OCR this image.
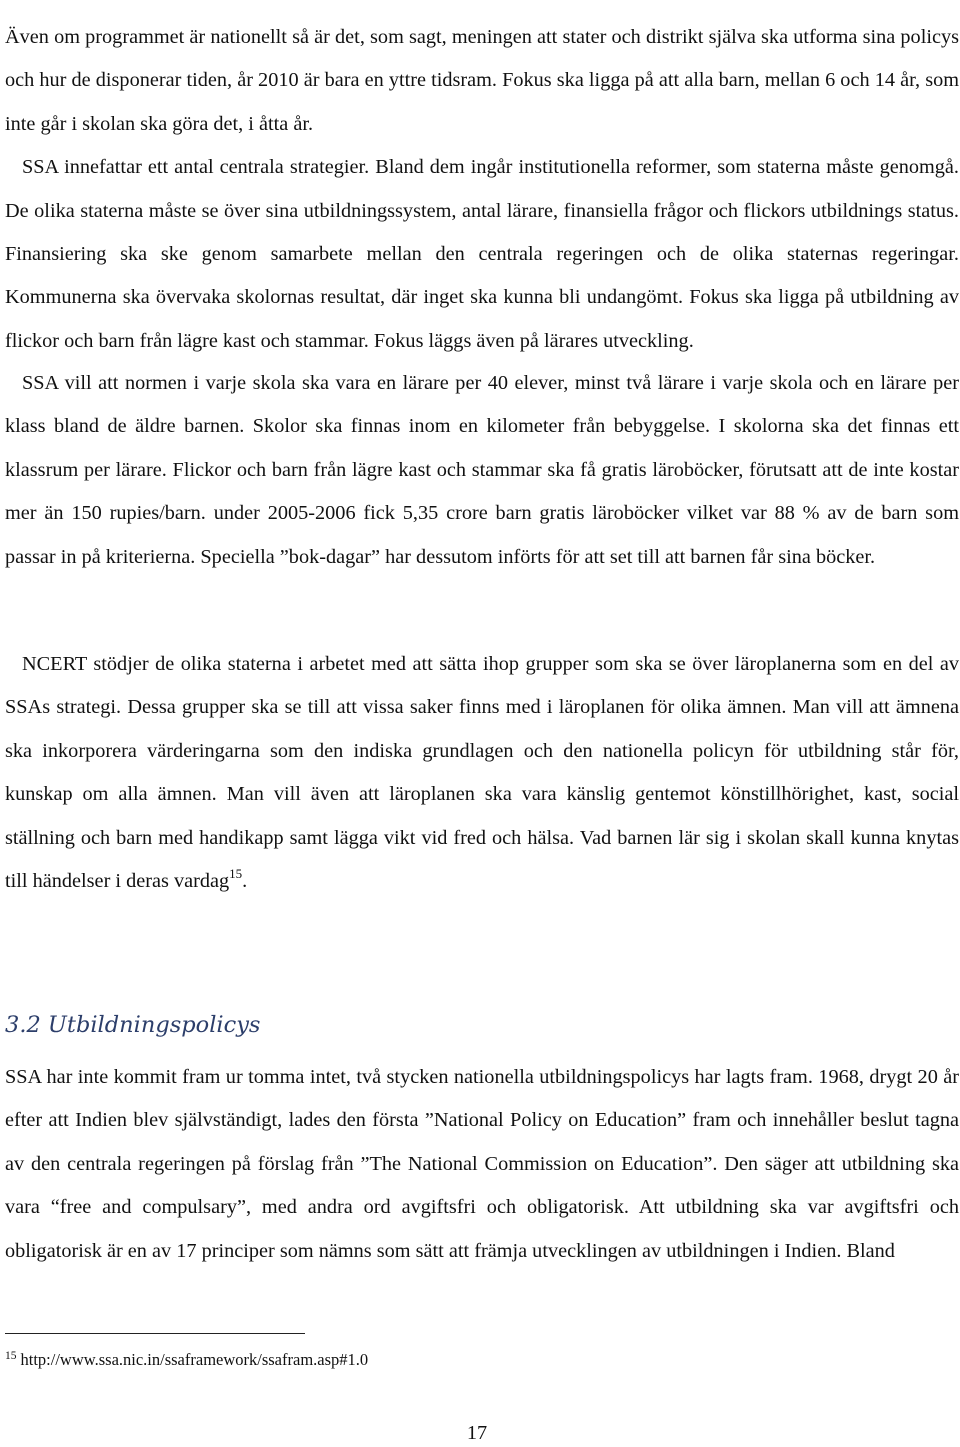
Även om programmet är nationellt så är det, som sagt, meningen att stater och distrikt själva ska utforma sina policys och hur de disponerar tiden, år 2010 är bara en yttre tidsram. Fokus ska ligga på att alla barn, mellan 6 och 14 år, som inte går i skolan ska göra det, i åtta år.
SSA innefattar ett antal centrala strategier. Bland dem ingår institutionella reformer, som staterna måste genomgå. De olika staterna måste se över sina utbildningssystem, antal lärare, finansiella frågor och flickors utbildnings status. Finansiering ska ske genom samarbete mellan den centrala regeringen och de olika staternas regeringar. Kommunerna ska övervaka skolornas resultat, där inget ska kunna bli undangömt. Fokus ska ligga på utbildning av flickor och barn från lägre kast och stammar. Fokus läggs även på lärares utveckling.

SSA vill att normen i varje skola ska vara en lärare per 40 elever, minst två lärare i varje skola och en lärare per klass bland de äldre barnen. Skolor ska finnas inom en kilometer från bebyggelse. I skolorna ska det finnas ett klassrum per lärare. Flickor och barn från lägre kast och stammar ska få gratis läroböcker, förutsatt att de inte kostar mer än 150 rupies/barn. under 2005-2006 fick 5,35 crore barn gratis läroböcker vilket var 88 % av de barn som passar in på kriterierna. Speciella ”bok-dagar” har dessutom införts för att set till att barnen får sina böcker.

NCERT stödjer de olika staterna i arbetet med att sätta ihop grupper som ska se över läroplanerna som en del av SSAs strategi. Dessa grupper ska se till att vissa saker finns med i läroplanen för olika ämnen. Man vill att ämnena ska inkorporera värderingarna som den indiska grundlagen och den nationella policyn för utbildning står för, kunskap om alla ämnen. Man vill även att läroplanen ska vara känslig gentemot könstillhörighet, kast, social ställning och barn med handikapp samt lägga vikt vid fred och hälsa. Vad barnen lär sig i skolan skall kunna knytas till händelser i deras vardag$^{15}$.

3.2 Utbildningspolicys

SSA har inte kommit fram ur tomma intet, två stycken nationella utbildningspolicys har lagts fram. 1968, drygt 20 år efter att Indien blev självständigt, lades den första ”National Policy on Education” fram och innehåller beslut tagna av den centrala regeringen på förslag från ”The National Commission on Education”. Den säger att utbildning ska vara “free and compulsary”, med andra ord avgiftsfri och obligatorisk. Att utbildning ska var avgiftsfri och obligatorisk är en av 17 principer som nämns som sätt att främja utvecklingen av utbildningen i Indien. Bland

$^{15}$ http://www.ssa.nic.in/ssaframework/ssafram.asp#1.0

17
